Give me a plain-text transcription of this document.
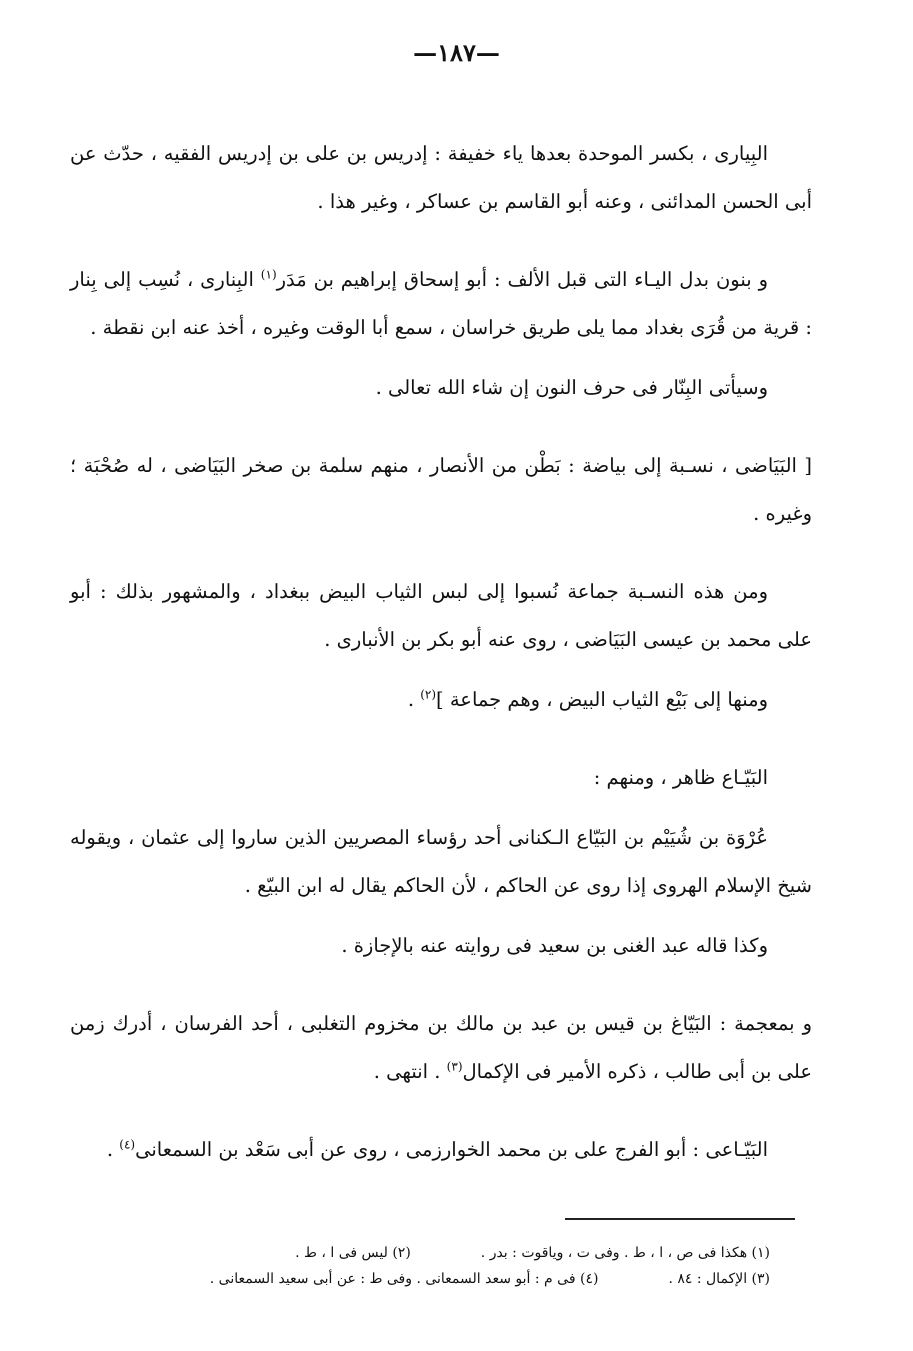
—١٨٧—

البِيارى ، بكسر الموحدة بعدها ياء خفيفة : إدريس بن على بن إدريس الفقيه ، حدّث عن أبى الحسن المدائنى ، وعنه أبو القاسم بن عساكر ، وغير هذا .

و بنون بدل اليـاء التى قبل الألف : أبو إسحاق إبراهيم بن مَدَر$^{(١)}$ البِنارى ، نُسِب إلى بِنار : قرية من قُرَى بغداد مما يلى طريق خراسان ، سمع أبا الوقت وغيره ، أخذ عنه ابن نقطة .

وسيأتى البِنّار فى حرف النون إن شاء الله تعالى .

[ البَيَاضى ، نسـبة إلى بياضة : بَطْن من الأنصار ، منهم سلمة بن صخر البَيَاضى ، له صُحْبَة ؛ وغيره .

ومن هذه النسـبة جماعة نُسبوا إلى لبس الثياب البيض ببغداد ، والمشهور بذلك : أبو على محمد بن عيسى البَيَاضى ، روى عنه أبو بكر بن الأنبارى .

ومنها إلى بَيْع الثياب البيض ، وهم جماعة ]$^{(٢)}$ .

البَيّـاع ظاهر ، ومنهم :

عُرْوَة بن شُيَيْم بن البَيّاع الـكنانى أحد رؤساء المصريين الذين ساروا إلى عثمان ، ويقوله شيخ الإسلام الهروى إذا روى عن الحاكم ، لأن الحاكم يقال له ابن البيّع .

وكذا قاله عبد الغنى بن سعيد فى روايته عنه بالإجازة .

و بمعجمة : البَيّاغ بن قيس بن عبد بن مالك بن مخزوم التغلبى ، أحد الفرسان ، أدرك زمن على بن أبى طالب ، ذكره الأمير فى الإكمال$^{(٣)}$ . انتهى .

البَيّـاعى : أبو الفرج على بن محمد الخوارزمى ، روى عن أبى سَعْد بن السمعانى$^{(٤)}$ .

(١) هكذا فى ص ، ا ، ط . وفى ت ، وياقوت : بدر .
(٢) ليس فى ا ، ط .
(٣) الإكمال : ٨٤ .
(٤) فى م : أبو سعد السمعانى . وفى ط : عن أبى سعيد السمعانى .
